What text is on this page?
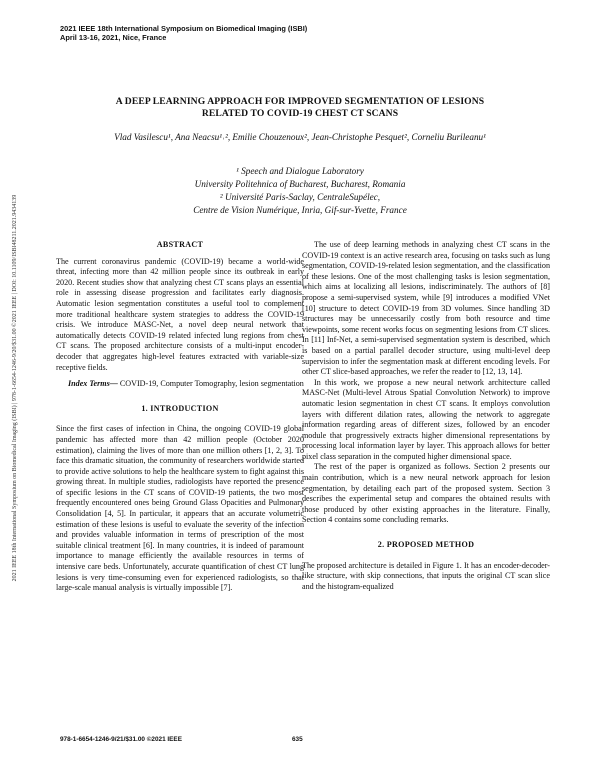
2021 IEEE 18th International Symposium on Biomedical Imaging (ISBI)
April 13-16, 2021, Nice, France
2021 IEEE 18th International Symposium on Biomedical Imaging (ISBI) | 978-1-6654-1246-9/20/$31.00 ©2021 IEEE | DOI: 10.1109/ISBI48211.2021.9434139
A DEEP LEARNING APPROACH FOR IMPROVED SEGMENTATION OF LESIONS
RELATED TO COVID-19 CHEST CT SCANS
Vlad Vasilescu¹, Ana Neacsu¹˒², Emilie Chouzenoux², Jean-Christophe Pesquet², Corneliu Burileanu¹
¹ Speech and Dialogue Laboratory
University Politehnica of Bucharest, Bucharest, Romania
² Université Paris-Saclay, CentraleSupélec,
Centre de Vision Numérique, Inria, Gif-sur-Yvette, France
ABSTRACT

The current coronavirus pandemic (COVID-19) became a world-wide threat, infecting more than 42 million people since its outbreak in early 2020. Recent studies show that analyzing chest CT scans plays an essential role in assessing disease progression and facilitates early diagnosis. Automatic lesion segmentation constitutes a useful tool to complement more traditional healthcare system strategies to address the COVID-19 crisis. We introduce MASC-Net, a novel deep neural network that automatically detects COVID-19 related infected lung regions from chest CT scans. The proposed architecture consists of a multi-input encoder-decoder that aggregates high-level features extracted with variable-size receptive fields.

Index Terms— COVID-19, Computer Tomography, lesion segmentation

1. INTRODUCTION

Since the first cases of infection in China, the ongoing COVID-19 global pandemic has affected more than 42 million people (October 2020 estimation), claiming the lives of more than one million others [1, 2, 3]. To face this dramatic situation, the community of researchers worldwide started to provide active solutions to help the healthcare system to fight against this growing threat. In multiple studies, radiologists have reported the presence of specific lesions in the CT scans of COVID-19 patients, the two most frequently encountered ones being Ground Glass Opacities and Pulmonary Consolidation [4, 5]. In particular, it appears that an accurate volumetric estimation of these lesions is useful to evaluate the severity of the infection and provides valuable information in terms of prescription of the most suitable clinical treatment [6]. In many countries, it is indeed of paramount importance to manage efficiently the available resources in terms of intensive care beds. Unfortunately, accurate quantification of chest CT lung lesions is very time-consuming even for experienced radiologists, so that large-scale manual analysis is virtually impossible [7].

The use of deep learning methods in analyzing chest CT scans in the COVID-19 context is an active research area, focusing on tasks such as lung segmentation, COVID-19-related lesion segmentation, and the classification of these lesions. One of the most challenging tasks is lesion segmentation, which aims at localizing all lesions, indiscriminately. The authors of [8] propose a semi-supervised system, while [9] introduces a modified VNet [10] structure to detect COVID-19 from 3D volumes. Since handling 3D structures may be unnecessarily costly from both resource and time viewpoints, some recent works focus on segmenting lesions from CT slices. In [11] Inf-Net, a semi-supervised segmentation system is described, which is based on a partial parallel decoder structure, using multi-level deep supervision to infer the segmentation mask at different encoding levels. For other CT slice-based approaches, we refer the reader to [12, 13, 14].

In this work, we propose a new neural network architecture called MASC-Net (Multi-level Atrous Spatial Convolution Network) to improve automatic lesion segmentation in chest CT scans. It employs convolution layers with different dilation rates, allowing the network to aggregate information regarding areas of different sizes, followed by an encoder module that progressively extracts higher dimensional representations by processing local information layer by layer. This approach allows for better pixel class separation in the computed higher dimensional space.

The rest of the paper is organized as follows. Section 2 presents our main contribution, which is a new neural network approach for lesion segmentation, by detailing each part of the proposed system. Section 3 describes the experimental setup and compares the obtained results with those produced by other existing approaches in the literature. Finally, Section 4 contains some concluding remarks.

2. PROPOSED METHOD

The proposed architecture is detailed in Figure 1. It has an encoder-decoder-like structure, with skip connections, that inputs the original CT scan slice and the histogram-equalized

978-1-6654-1246-9/21/$31.00 ©2021 IEEE	635
